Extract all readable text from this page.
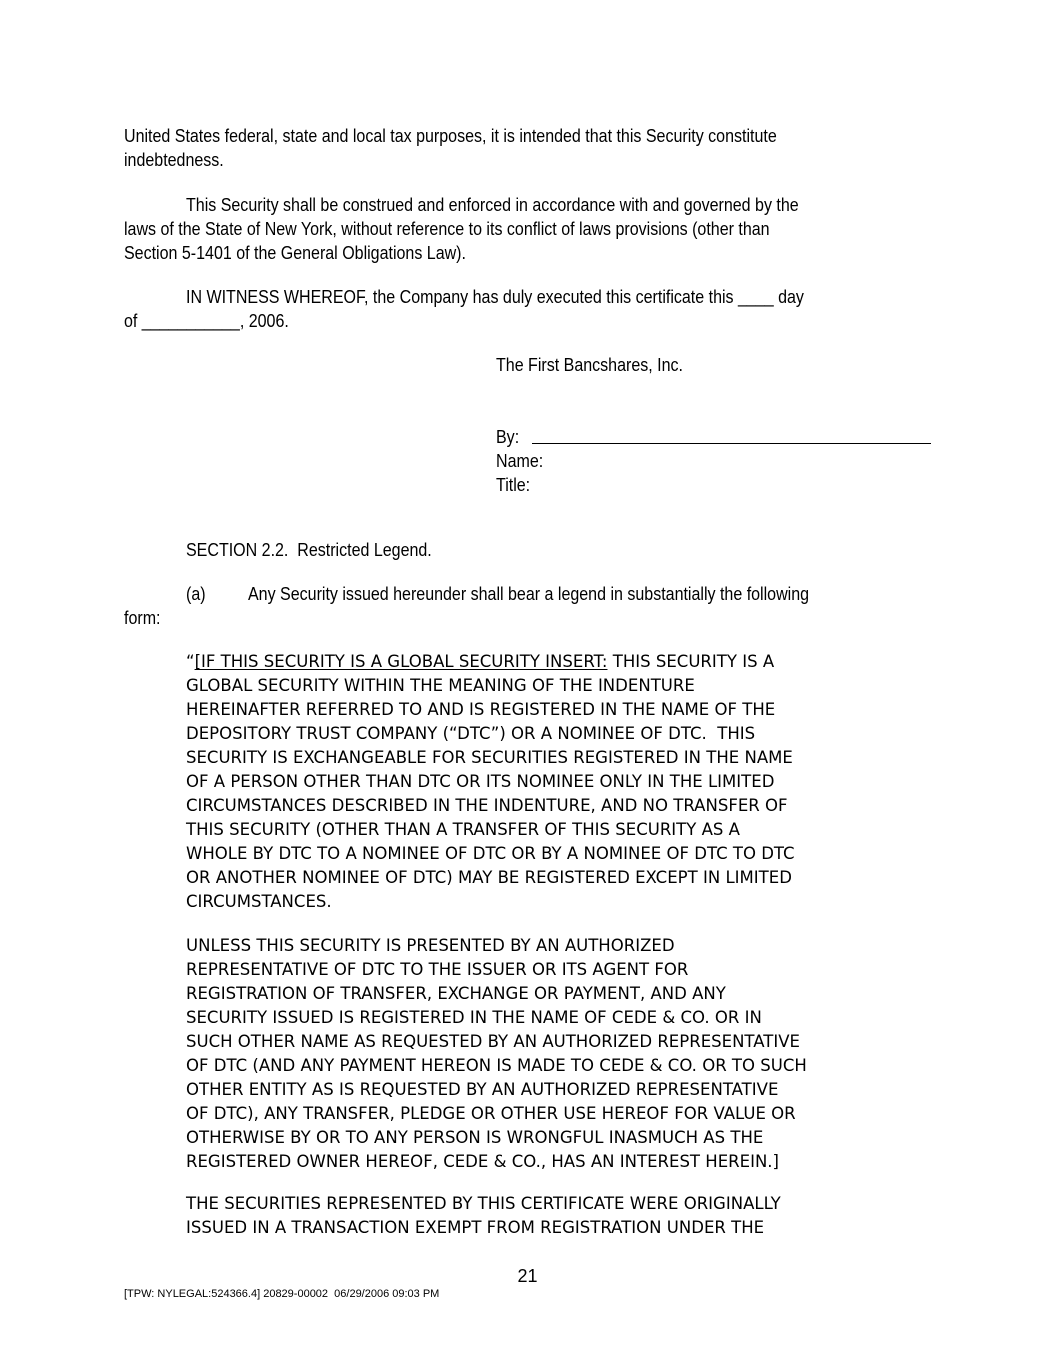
United States federal, state and local tax purposes, it is intended that this Security constitute
indebtedness.
This Security shall be construed and enforced in accordance with and governed by the
laws of the State of New York, without reference to its conflict of laws provisions (other than
Section 5-1401 of the General Obligations Law).
IN WITNESS WHEREOF, the Company has duly executed this certificate this ____ day
of ___________, 2006.
The First Bancshares, Inc.
By:
Name:
Title:
SECTION 2.2.  Restricted Legend.
(a) Any Security issued hereunder shall bear a legend in substantially the following
form:
“[IF THIS SECURITY IS A GLOBAL SECURITY INSERT: THIS SECURITY IS A
GLOBAL SECURITY WITHIN THE MEANING OF THE INDENTURE
HEREINAFTER REFERRED TO AND IS REGISTERED IN THE NAME OF THE
DEPOSITORY TRUST COMPANY (“DTC”) OR A NOMINEE OF DTC.  THIS
SECURITY IS EXCHANGEABLE FOR SECURITIES REGISTERED IN THE NAME
OF A PERSON OTHER THAN DTC OR ITS NOMINEE ONLY IN THE LIMITED
CIRCUMSTANCES DESCRIBED IN THE INDENTURE, AND NO TRANSFER OF
THIS SECURITY (OTHER THAN A TRANSFER OF THIS SECURITY AS A
WHOLE BY DTC TO A NOMINEE OF DTC OR BY A NOMINEE OF DTC TO DTC
OR ANOTHER NOMINEE OF DTC) MAY BE REGISTERED EXCEPT IN LIMITED
CIRCUMSTANCES.
UNLESS THIS SECURITY IS PRESENTED BY AN AUTHORIZED
REPRESENTATIVE OF DTC TO THE ISSUER OR ITS AGENT FOR
REGISTRATION OF TRANSFER, EXCHANGE OR PAYMENT, AND ANY
SECURITY ISSUED IS REGISTERED IN THE NAME OF CEDE & CO. OR IN
SUCH OTHER NAME AS REQUESTED BY AN AUTHORIZED REPRESENTATIVE
OF DTC (AND ANY PAYMENT HEREON IS MADE TO CEDE & CO. OR TO SUCH
OTHER ENTITY AS IS REQUESTED BY AN AUTHORIZED REPRESENTATIVE
OF DTC), ANY TRANSFER, PLEDGE OR OTHER USE HEREOF FOR VALUE OR
OTHERWISE BY OR TO ANY PERSON IS WRONGFUL INASMUCH AS THE
REGISTERED OWNER HEREOF, CEDE & CO., HAS AN INTEREST HEREIN.]
THE SECURITIES REPRESENTED BY THIS CERTIFICATE WERE ORIGINALLY
ISSUED IN A TRANSACTION EXEMPT FROM REGISTRATION UNDER THE
21
[TPW: NYLEGAL:524366.4] 20829-00002  06/29/2006 09:03 PM
